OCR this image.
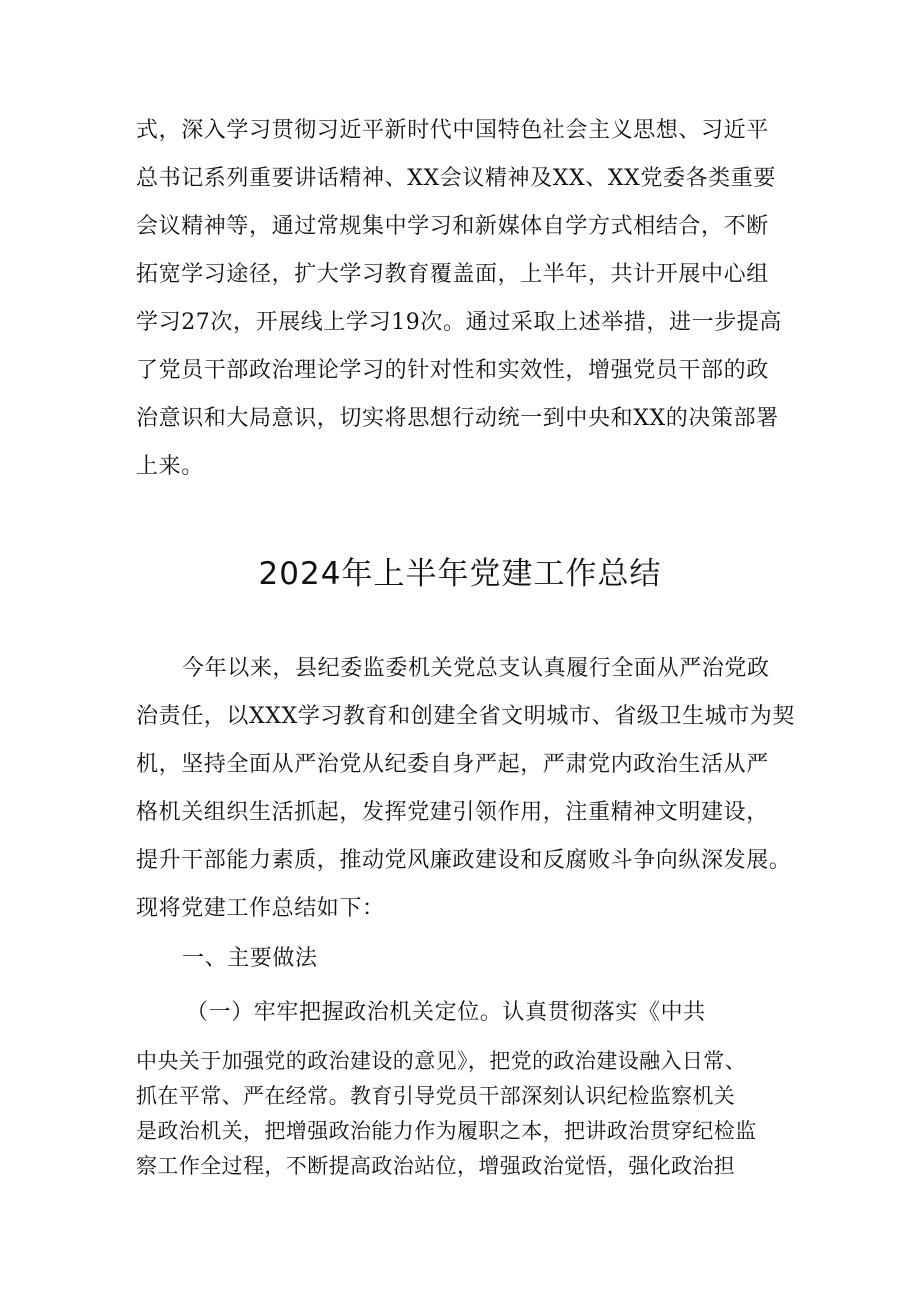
式，深入学习贯彻习近平新时代中国特色社会主义思想、习近平
总书记系列重要讲话精神、XX会议精神及XX、XX党委各类重要
会议精神等，通过常规集中学习和新媒体自学方式相结合，不断
拓宽学习途径，扩大学习教育覆盖面，上半年，共计开展中心组
学习27次，开展线上学习19次。通过采取上述举措，进一步提高
了党员干部政治理论学习的针对性和实效性，增强党员干部的政
治意识和大局意识，切实将思想行动统一到中央和XX的决策部署
上来。
2024年上半年党建工作总结
今年以来，县纪委监委机关党总支认真履行全面从严治党政
治责任，以XXX学习教育和创建全省文明城市、省级卫生城市为契
机，坚持全面从严治党从纪委自身严起，严肃党内政治生活从严
格机关组织生活抓起，发挥党建引领作用，注重精神文明建设，
提升干部能力素质，推动党风廉政建设和反腐败斗争向纵深发展。
现将党建工作总结如下：
一、主要做法
（一）牢牢把握政治机关定位。认真贯彻落实《中共
中央关于加强党的政治建设的意见》，把党的政治建设融入日常、
抓在平常、严在经常。教育引导党员干部深刻认识纪检监察机关
是政治机关，把增强政治能力作为履职之本，把讲政治贯穿纪检监
察工作全过程，不断提高政治站位，增强政治觉悟，强化政治担
